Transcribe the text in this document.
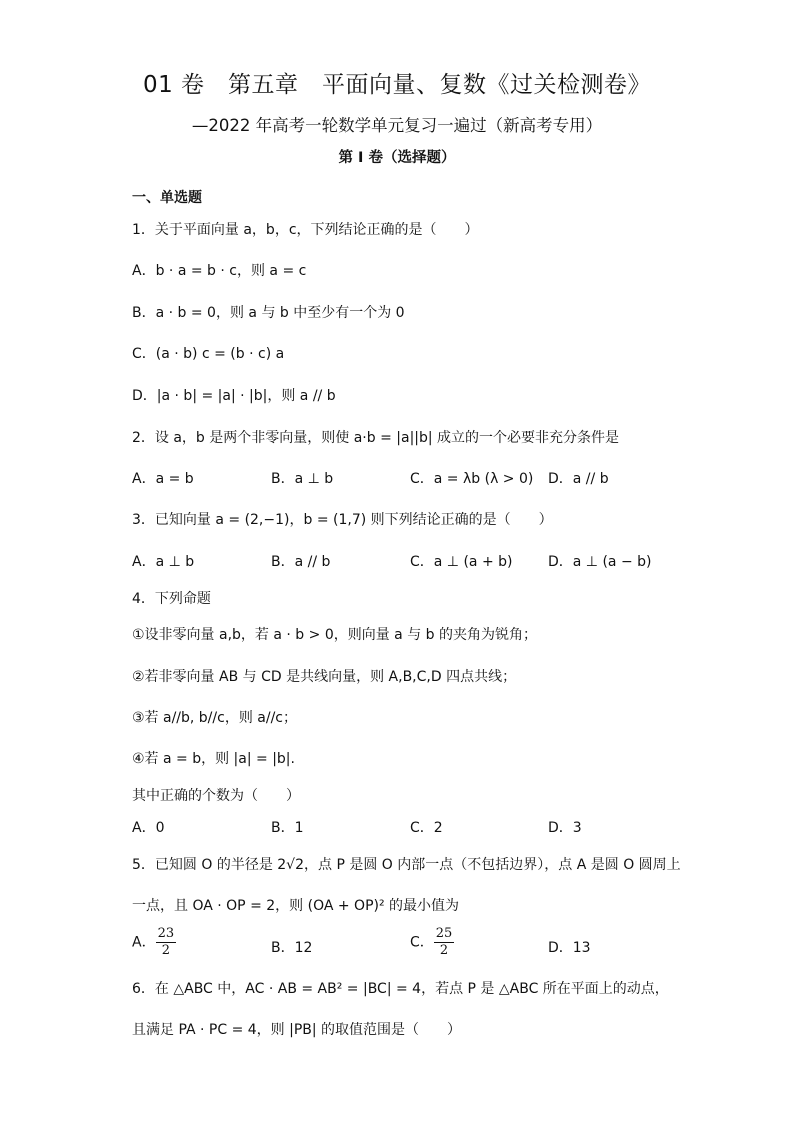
01 卷　第五章　平面向量、复数《过关检测卷》
—2022 年高考一轮数学单元复习一遍过（新高考专用）
第 I 卷（选择题）
一、单选题
1．关于平面向量 a，b，c，下列结论正确的是（　　）
A．b · a = b · c，则 a = c
B．a · b = 0，则 a 与 b 中至少有一个为 0
C．(a · b) c = (b · c) a
D．|a · b| = |a| · |b|，则 a // b
2．设 a，b 是两个非零向量，则使 a·b = |a||b| 成立的一个必要非充分条件是
A．a = b	B．a ⊥ b	C．a = λb (λ > 0) D．a // b
3．已知向量 a = (2,−1)，b = (1,7) 则下列结论正确的是（　　）
A．a ⊥ b	B．a // b	C．a ⊥ (a + b)	D．a ⊥ (a − b)
4．下列命题
①设非零向量 a,b，若 a · b > 0，则向量 a 与 b 的夹角为锐角；
②若非零向量 AB 与 CD 是共线向量，则 A,B,C,D 四点共线；
③若 a//b, b//c，则 a//c；
④若 a = b，则 |a| = |b|.
其中正确的个数为（　　）
A．0	B．1	C．2	D．3
5．已知圆 O 的半径是 2√2，点 P 是圆 O 内部一点（不包括边界），点 A 是圆 O 圆周上
一点，且 OA · OP = 2，则 (OA + OP)² 的最小值为
A． $\frac{23}{2}$	B．12	C． $\frac{25}{2}$	D．13
6．在 △ABC 中，AC · AB = AB² = |BC| = 4，若点 P 是 △ABC 所在平面上的动点，
且满足 PA · PC = 4，则 |PB| 的取值范围是（　　）
